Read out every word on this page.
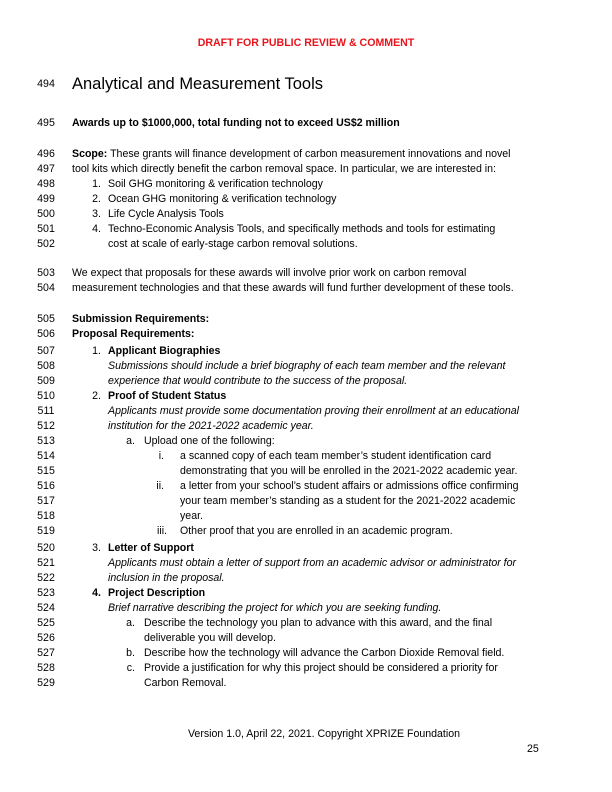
DRAFT FOR PUBLIC REVIEW & COMMENT
494 Analytical and Measurement Tools
495 Awards up to $1000,000, total funding not to exceed US$2 million
496 Scope: These grants will finance development of carbon measurement innovations and novel
497 tool kits which directly benefit the carbon removal space. In particular, we are interested in:
498	1. Soil GHG monitoring & verification technology
499	2. Ocean GHG monitoring & verification technology
500	3. Life Cycle Analysis Tools
501	4. Techno-Economic Analysis Tools, and specifically methods and tools for estimating
502	cost at scale of early-stage carbon removal solutions.
503 We expect that proposals for these awards will involve prior work on carbon removal
504 measurement technologies and that these awards will fund further development of these tools.
505 Submission Requirements:
506 Proposal Requirements:
507	1. Applicant Biographies
508	Submissions should include a brief biography of each team member and the relevant
509	experience that would contribute to the success of the proposal.
510	2. Proof of Student Status
511	Applicants must provide some documentation proving their enrollment at an educational
512	institution for the 2021-2022 academic year.
513	a. Upload one of the following:
514	i. a scanned copy of each team member’s student identification card
515	demonstrating that you will be enrolled in the 2021-2022 academic year.
516	ii. a letter from your school’s student affairs or admissions office confirming
517	your team member’s standing as a student for the 2021-2022 academic
518	year.
519	iii. Other proof that you are enrolled in an academic program.
520	3. Letter of Support
521	Applicants must obtain a letter of support from an academic advisor or administrator for
522	inclusion in the proposal.
523	4. Project Description
524	Brief narrative describing the project for which you are seeking funding.
525	a. Describe the technology you plan to advance with this award, and the final
526	deliverable you will develop.
527	b. Describe how the technology will advance the Carbon Dioxide Removal field.
528	c. Provide a justification for why this project should be considered a priority for
529	Carbon Removal.
Version 1.0, April 22, 2021. Copyright XPRIZE Foundation
25
